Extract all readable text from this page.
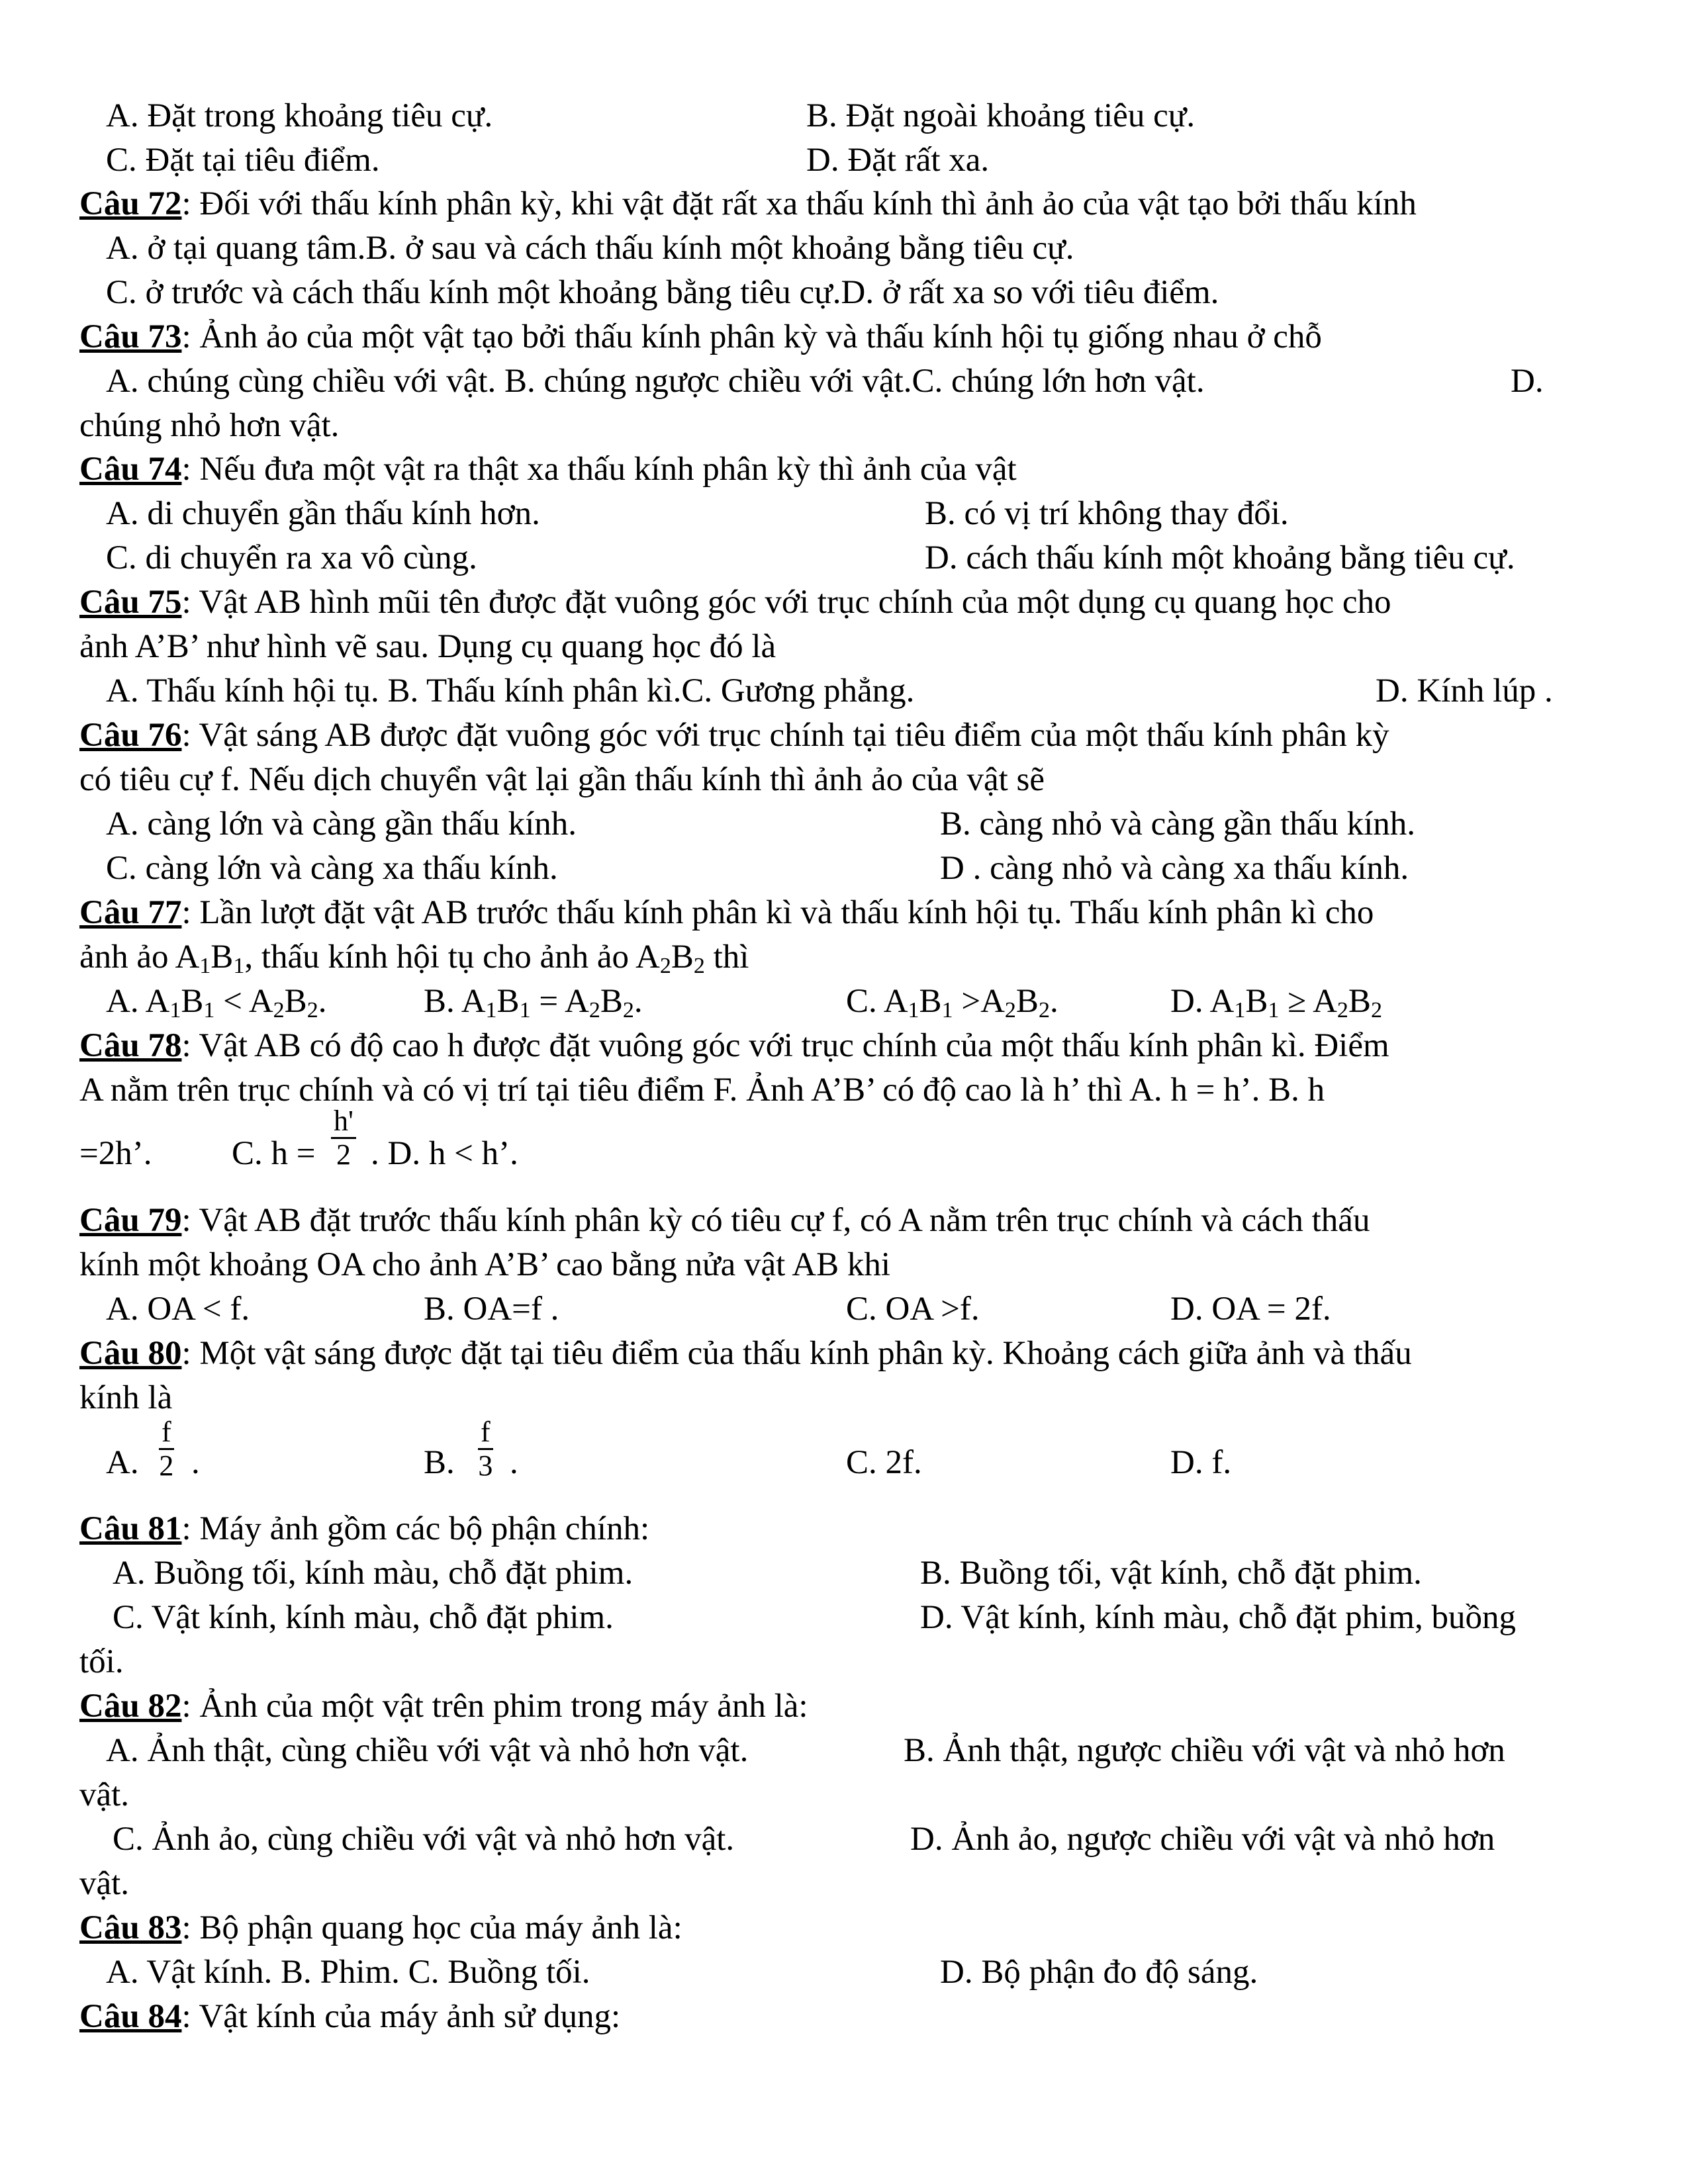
A. Đặt trong khoảng tiêu cự.	B. Đặt ngoài khoảng tiêu cự.
C. Đặt tại tiêu điểm.	D. Đặt rất xa.
Câu 72: Đối với thấu kính phân kỳ, khi vật đặt rất xa thấu kính thì ảnh ảo của vật tạo bởi thấu kính
A. ở tại quang tâm.B. ở sau và cách thấu kính một khoảng bằng tiêu cự.
C. ở trước và cách thấu kính một khoảng bằng tiêu cự.D. ở rất xa so với tiêu điểm.
Câu 73: Ảnh ảo của một vật tạo bởi thấu kính phân kỳ và thấu kính hội tụ giống nhau ở chỗ
A. chúng cùng chiều với vật. B. chúng ngược chiều với vật.C. chúng lớn hơn vật.	D.
chúng nhỏ hơn vật.
Câu 74: Nếu đưa một vật ra thật xa thấu kính phân kỳ thì ảnh của vật
A. di chuyển gần thấu kính hơn.	B. có vị trí không thay đổi.
C. di chuyển ra xa vô cùng.	D. cách thấu kính một khoảng bằng tiêu cự.
Câu 75: Vật AB hình mũi tên được đặt vuông góc với trục chính của một dụng cụ quang học cho
ảnh A’B’ như hình vẽ sau. Dụng cụ quang học đó là
A. Thấu kính hội tụ. B. Thấu kính phân kì.C. Gương phẳng.	D. Kính lúp .
Câu 76: Vật sáng AB được đặt vuông góc với trục chính tại tiêu điểm của một thấu kính phân kỳ
có tiêu cự f. Nếu dịch chuyển vật lại gần thấu kính thì ảnh ảo của vật sẽ
A. càng lớn và càng gần thấu kính.	B. càng nhỏ và càng gần thấu kính.
C. càng lớn và càng xa thấu kính.	D . càng nhỏ và càng xa thấu kính.
Câu 77: Lần lượt đặt vật AB trước thấu kính phân kì và thấu kính hội tụ. Thấu kính phân kì cho
ảnh ảo $A_1B_1$, thấu kính hội tụ cho ảnh ảo $A_2B_2$ thì
A. $A_1B_1 < A_2B_2$.	B. $A_1B_1 = A_2B_2$.	C. $A_1B_1 >A_2B_2$.	D. $A_1B_1 \ge A_2B_2$
Câu 78: Vật AB có độ cao h được đặt vuông góc với trục chính của một thấu kính phân kì. Điểm
A nằm trên trục chính và có vị trí tại tiêu điểm F. Ảnh A’B’ có độ cao là h’ thì A. h = h’. B. h
=2h’. C. h = . D. h < h’.
Câu 79: Vật AB đặt trước thấu kính phân kỳ có tiêu cự f, có A nằm trên trục chính và cách thấu
kính một khoảng OA cho ảnh A’B’ cao bằng nửa vật AB khi
A. OA < f.	B. OA=f .	C. OA >f.	D. OA = 2f.
Câu 80: Một vật sáng được đặt tại tiêu điểm của thấu kính phân kỳ. Khoảng cách giữa ảnh và thấu
kính là
A. .	B. .	C. 2f.	D. f.
Câu 81: Máy ảnh gồm các bộ phận chính:
A. Buồng tối, kính màu, chỗ đặt phim.	B. Buồng tối, vật kính, chỗ đặt phim.
C. Vật kính, kính màu, chỗ đặt phim.	D. Vật kính, kính màu, chỗ đặt phim, buồng
tối.
Câu 82: Ảnh của một vật trên phim trong máy ảnh là:
A. Ảnh thật, cùng chiều với vật và nhỏ hơn vật.	B. Ảnh thật, ngược chiều với vật và nhỏ hơn
vật.
C. Ảnh ảo, cùng chiều với vật và nhỏ hơn vật.	D. Ảnh ảo, ngược chiều với vật và nhỏ hơn
vật.
Câu 83: Bộ phận quang học của máy ảnh là:
A. Vật kính. B. Phim. C. Buồng tối.	D. Bộ phận đo độ sáng.
Câu 84: Vật kính của máy ảnh sử dụng:
$\frac{h'}{2}$
$\frac{f}{2}$	$\frac{f}{3}$
